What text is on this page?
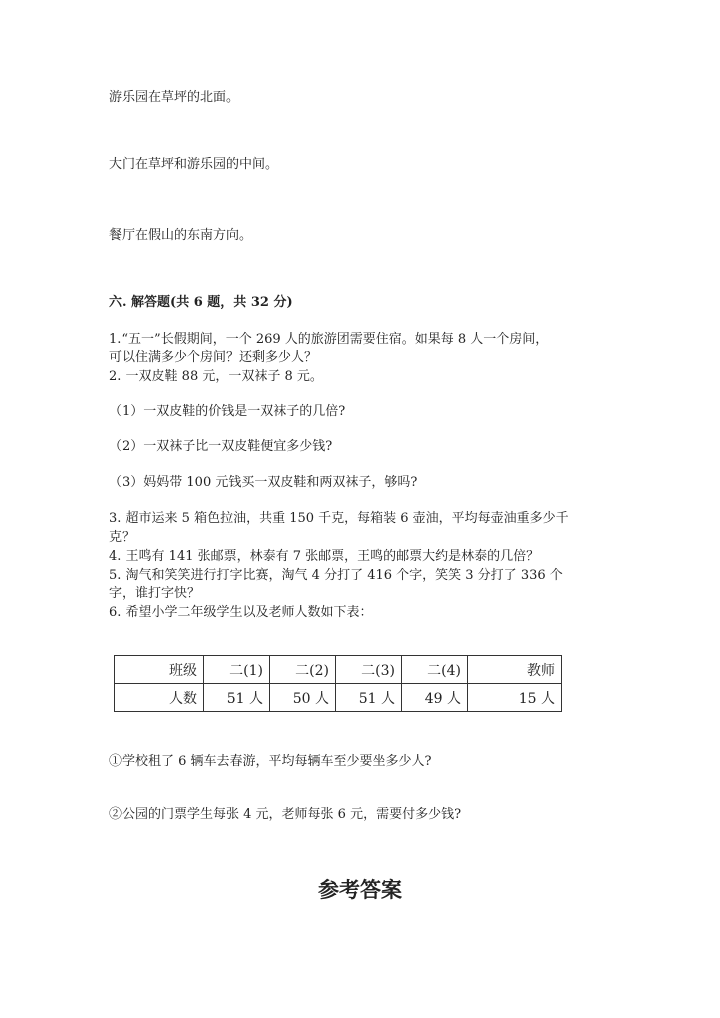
游乐园在草坪的北面。

大门在草坪和游乐园的中间。

餐厅在假山的东南方向。

六. 解答题(共 6 题，共 32 分)

1.“五一”长假期间，一个 269 人的旅游团需要住宿。如果每 8 人一个房间，

可以住满多少个房间？还剩多少人？

2. 一双皮鞋 88 元，一双袜子 8 元。

（1）一双皮鞋的价钱是一双袜子的几倍?

（2）一双袜子比一双皮鞋便宜多少钱?

（3）妈妈带 100 元钱买一双皮鞋和两双袜子，够吗?

3. 超市运来 5 箱色拉油，共重 150 千克，每箱装 6 壶油，平均每壶油重多少千

克？

4. 王鸣有 141 张邮票，林泰有 7 张邮票，王鸣的邮票大约是林泰的几倍？

5. 淘气和笑笑进行打字比赛，淘气 4 分打了 416 个字，笑笑 3 分打了 336 个

字，谁打字快？

6. 希望小学二年级学生以及老师人数如下表：

班级	二(1)	二(2)	二(3)	二(4)	教师
人数	51 人	50 人	51 人	49 人	15 人

①学校租了 6 辆车去春游，平均每辆车至少要坐多少人?

②公园的门票学生每张 4 元，老师每张 6 元，需要付多少钱?

参考答案
